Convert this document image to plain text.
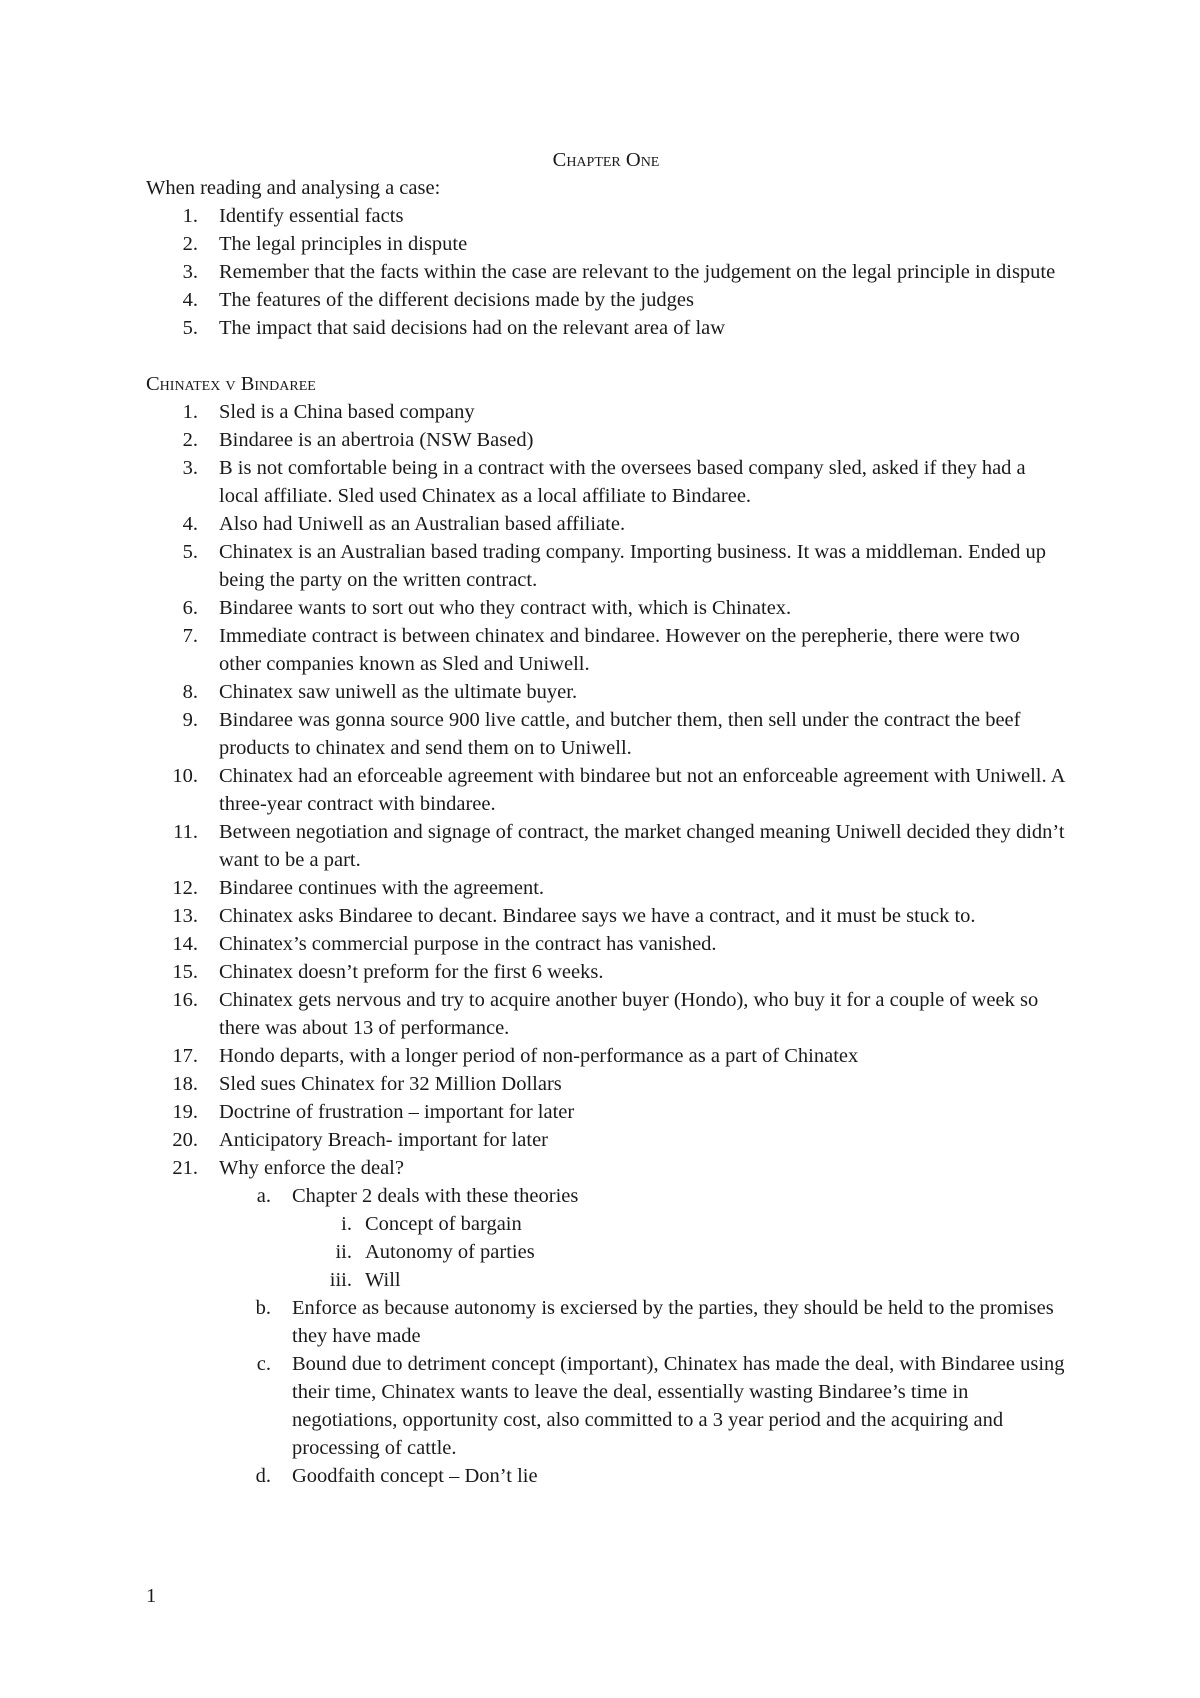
Chapter One

When reading and analysing a case:

1. Identify essential facts
2. The legal principles in dispute
3. Remember that the facts within the case are relevant to the judgement on the legal principle in dispute
4. The features of the different decisions made by the judges
5. The impact that said decisions had on the relevant area of law
Chinatex v Bindaree
1. Sled is a China based company
2. Bindaree is an abertroia (NSW Based)
3. B is not comfortable being in a contract with the oversees based company sled, asked if they had a local affiliate. Sled used Chinatex as a local affiliate to Bindaree.
4. Also had Uniwell as an Australian based affiliate.
5. Chinatex is an Australian based trading company. Importing business. It was a middleman. Ended up being the party on the written contract.
6. Bindaree wants to sort out who they contract with, which is Chinatex.
7. Immediate contract is between chinatex and bindaree. However on the perepherie, there were two other companies known as Sled and Uniwell.
8. Chinatex saw uniwell as the ultimate buyer.
9. Bindaree was gonna source 900 live cattle, and butcher them, then sell under the contract the beef products to chinatex and send them on to Uniwell.
10. Chinatex had an eforceable agreement with bindaree but not an enforceable agreement with Uniwell. A three-year contract with bindaree.
11. Between negotiation and signage of contract, the market changed meaning Uniwell decided they didn’t want to be a part.
12. Bindaree continues with the agreement.
13. Chinatex asks Bindaree to decant. Bindaree says we have a contract, and it must be stuck to.
14. Chinatex’s commercial purpose in the contract has vanished.
15. Chinatex doesn’t preform for the first 6 weeks.
16. Chinatex gets nervous and try to acquire another buyer (Hondo), who buy it for a couple of week so there was about 13 of performance.
17. Hondo departs, with a longer period of non-performance as a part of Chinatex
18. Sled sues Chinatex for 32 Million Dollars
19. Doctrine of frustration – important for later
20. Anticipatory Breach- important for later
21. Why enforce the deal?
a. Chapter 2 deals with these theories
i. Concept of bargain
ii. Autonomy of parties
iii. Will
b. Enforce as because autonomy is exciersed by the parties, they should be held to the promises they have made
c. Bound due to detriment concept (important), Chinatex has made the deal, with Bindaree using their time, Chinatex wants to leave the deal, essentially wasting Bindaree’s time in negotiations, opportunity cost, also committed to a 3 year period and the acquiring and processing of cattle.
d. Goodfaith concept – Don’t lie
1
